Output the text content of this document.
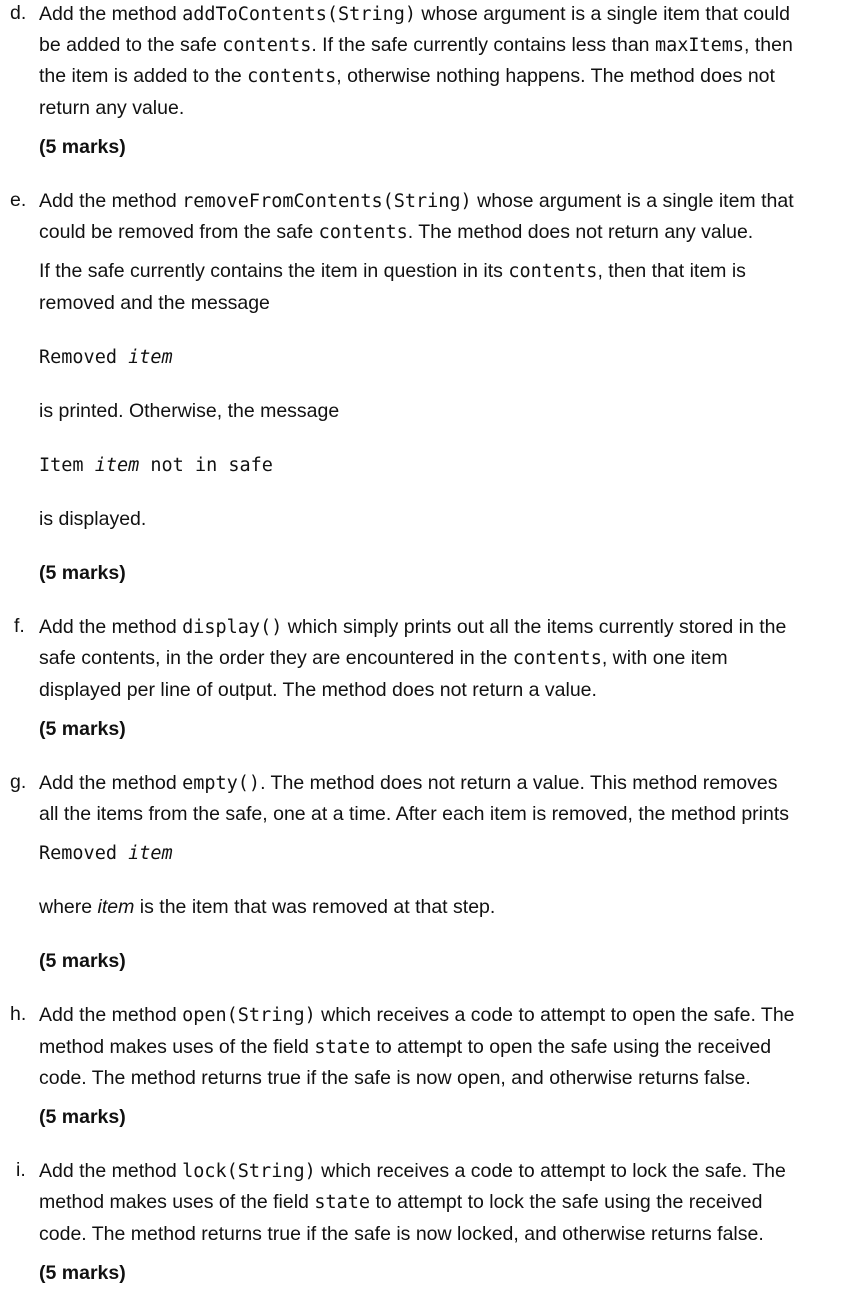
d. Add the method addToContents(String) whose argument is a single item that could
be added to the safe contents. If the safe currently contains less than maxItems, then
the item is added to the contents, otherwise nothing happens. The method does not
return any value.
(5 marks)
e. Add the method removeFromContents(String) whose argument is a single item that
could be removed from the safe contents. The method does not return any value.
If the safe currently contains the item in question in its contents, then that item is
removed and the message
Removed item
is printed. Otherwise, the message
Item item not in safe
is displayed.
(5 marks)
f. Add the method display() which simply prints out all the items currently stored in the
safe contents, in the order they are encountered in the contents, with one item
displayed per line of output. The method does not return a value.
(5 marks)
g. Add the method empty(). The method does not return a value. This method removes
all the items from the safe, one at a time. After each item is removed, the method prints
Removed item
where item is the item that was removed at that step.
(5 marks)
h. Add the method open(String) which receives a code to attempt to open the safe. The
method makes uses of the field state to attempt to open the safe using the received
code. The method returns true if the safe is now open, and otherwise returns false.
(5 marks)
i. Add the method lock(String) which receives a code to attempt to lock the safe. The
method makes uses of the field state to attempt to lock the safe using the received
code. The method returns true if the safe is now locked, and otherwise returns false.
(5 marks)
